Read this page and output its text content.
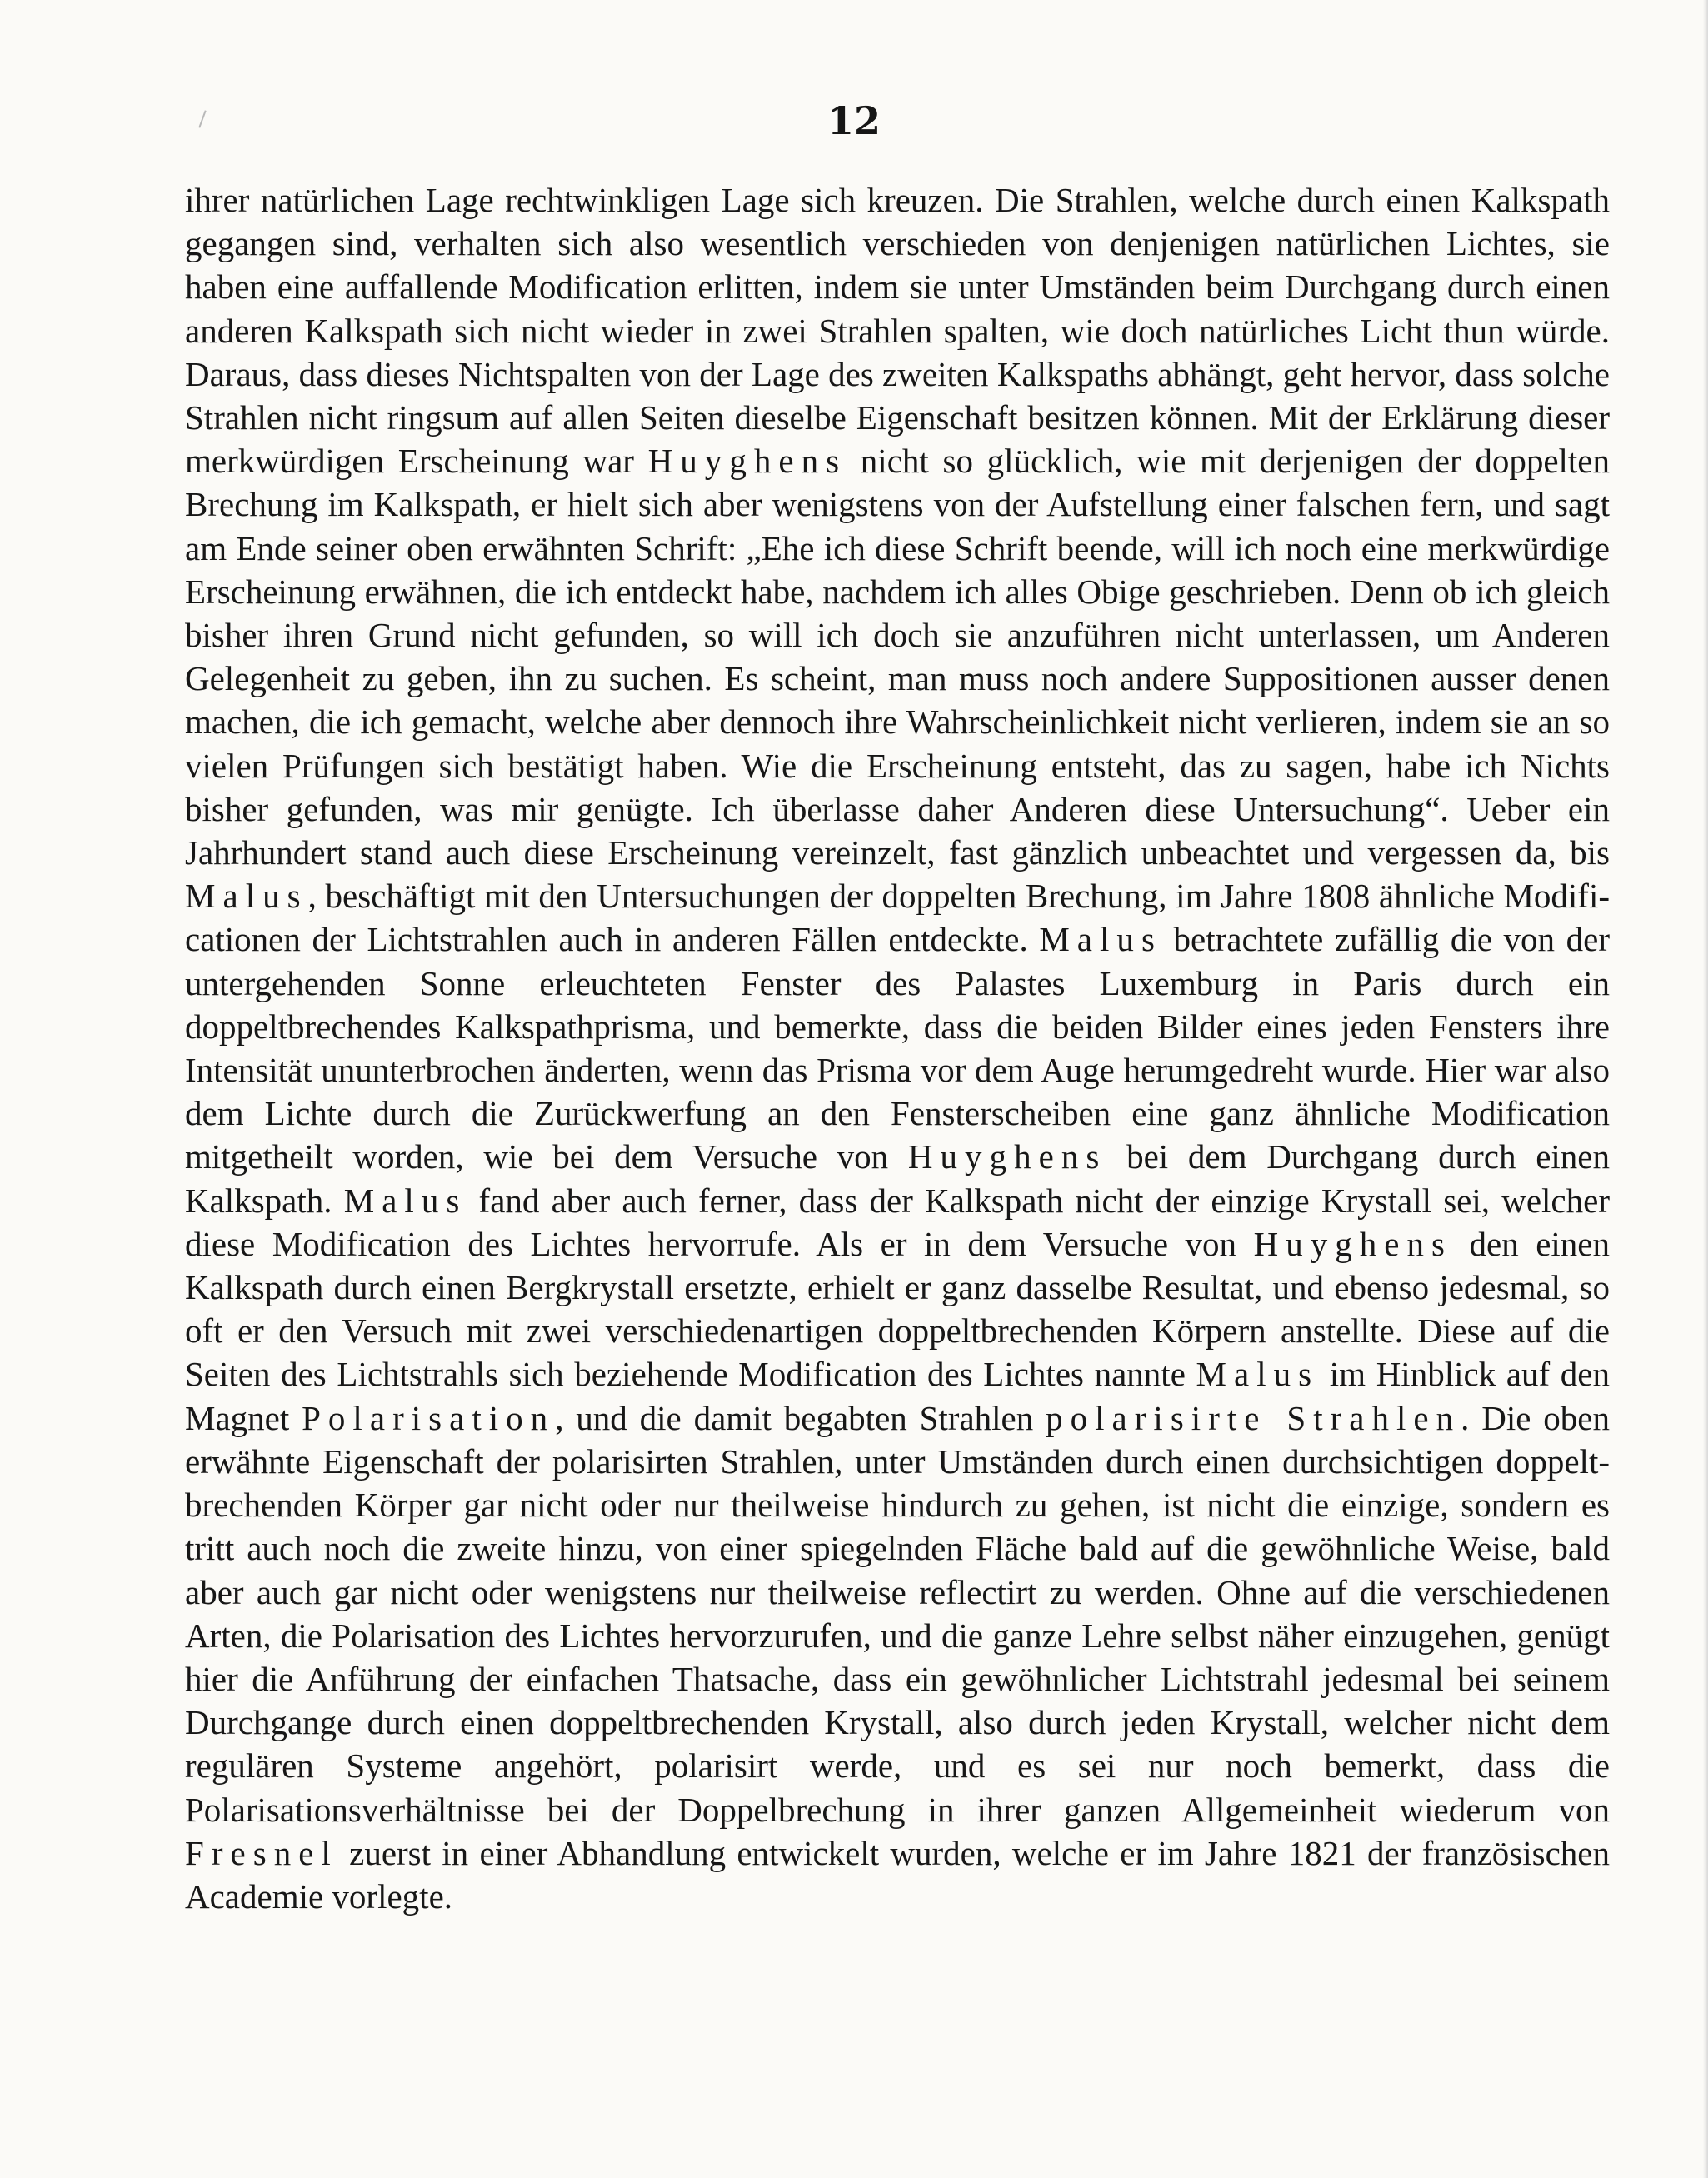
12

ihrer natürlichen Lage rechtwinkligen Lage sich kreuzen. Die Strahlen, welche durch einen Kalkspath gegangen sind, verhalten sich also wesentlich verschieden von denjenigen natürlichen Lichtes, sie haben eine auffallende Modification erlitten, indem sie unter Umständen beim Durchgang durch einen anderen Kalkspath sich nicht wieder in zwei Strahlen spalten, wie doch natürliches Licht thun würde. Daraus, dass dieses Nichtspalten von der Lage des zweiten Kalkspaths abhängt, geht hervor, dass solche Strahlen nicht ringsum auf allen Seiten dieselbe Eigenschaft besitzen können. Mit der Erklärung dieser merkwürdigen Erscheinung war Huyghens nicht so glücklich, wie mit derjenigen der doppelten Brechung im Kalkspath, er hielt sich aber wenigstens von der Aufstellung einer falschen fern, und sagt am Ende seiner oben erwähnten Schrift: „Ehe ich diese Schrift beende, will ich noch eine merkwürdige Erscheinung erwähnen, die ich entdeckt habe, nachdem ich alles Obige geschrieben. Denn ob ich gleich bisher ihren Grund nicht gefunden, so will ich doch sie anzuführen nicht unterlassen, um Anderen Gelegenheit zu geben, ihn zu suchen. Es scheint, man muss noch andere Suppositionen ausser denen machen, die ich gemacht, welche aber dennoch ihre Wahrscheinlichkeit nicht verlieren, indem sie an so vielen Prüfungen sich bestätigt haben. Wie die Erscheinung entsteht, das zu sagen, habe ich Nichts bisher gefunden, was mir genügte. Ich überlasse daher Anderen diese Untersuchung“. Ueber ein Jahrhundert stand auch diese Erscheinung vereinzelt, fast gänzlich unbeachtet und vergessen da, bis Malus, beschäftigt mit den Untersuchungen der doppelten Brechung, im Jahre 1808 ähnliche Modificationen der Lichtstrahlen auch in anderen Fällen entdeckte. Malus betrachtete zufällig die von der untergehenden Sonne erleuchteten Fenster des Palastes Luxemburg in Paris durch ein doppeltbrechendes Kalkspathprisma, und bemerkte, dass die beiden Bilder eines jeden Fensters ihre Intensität ununterbrochen änderten, wenn das Prisma vor dem Auge herumgedreht wurde. Hier war also dem Lichte durch die Zurückwerfung an den Fensterscheiben eine ganz ähnliche Modification mitgetheilt worden, wie bei dem Versuche von Huyghens bei dem Durchgang durch einen Kalkspath. Malus fand aber auch ferner, dass der Kalkspath nicht der einzige Krystall sei, welcher diese Modification des Lichtes hervorrufe. Als er in dem Versuche von Huyghens den einen Kalkspath durch einen Bergkrystall ersetzte, erhielt er ganz dasselbe Resultat, und ebenso jedesmal, so oft er den Versuch mit zwei verschiedenartigen doppeltbrechenden Körpern anstellte. Diese auf die Seiten des Lichtstrahls sich beziehende Modification des Lichtes nannte Malus im Hinblick auf den Magnet Polarisation, und die damit begabten Strahlen polarisirte Strahlen. Die oben erwähnte Eigenschaft der polarisirten Strahlen, unter Umständen durch einen durchsichtigen doppeltbrechenden Körper gar nicht oder nur theilweise hindurch zu gehen, ist nicht die einzige, sondern es tritt auch noch die zweite hinzu, von einer spiegelnden Fläche bald auf die gewöhnliche Weise, bald aber auch gar nicht oder wenigstens nur theilweise reflectirt zu werden. Ohne auf die verschiedenen Arten, die Polarisation des Lichtes hervorzurufen, und die ganze Lehre selbst näher einzugehen, genügt hier die Anführung der einfachen Thatsache, dass ein gewöhnlicher Lichtstrahl jedesmal bei seinem Durchgange durch einen doppeltbrechenden Krystall, also durch jeden Krystall, welcher nicht dem regulären Systeme angehört, polarisirt werde, und es sei nur noch bemerkt, dass die Polarisationsverhältnisse bei der Doppelbrechung in ihrer ganzen Allgemeinheit wiederum von Fresnel zuerst in einer Abhandlung entwickelt wurden, welche er im Jahre 1821 der französischen Academie vorlegte.
